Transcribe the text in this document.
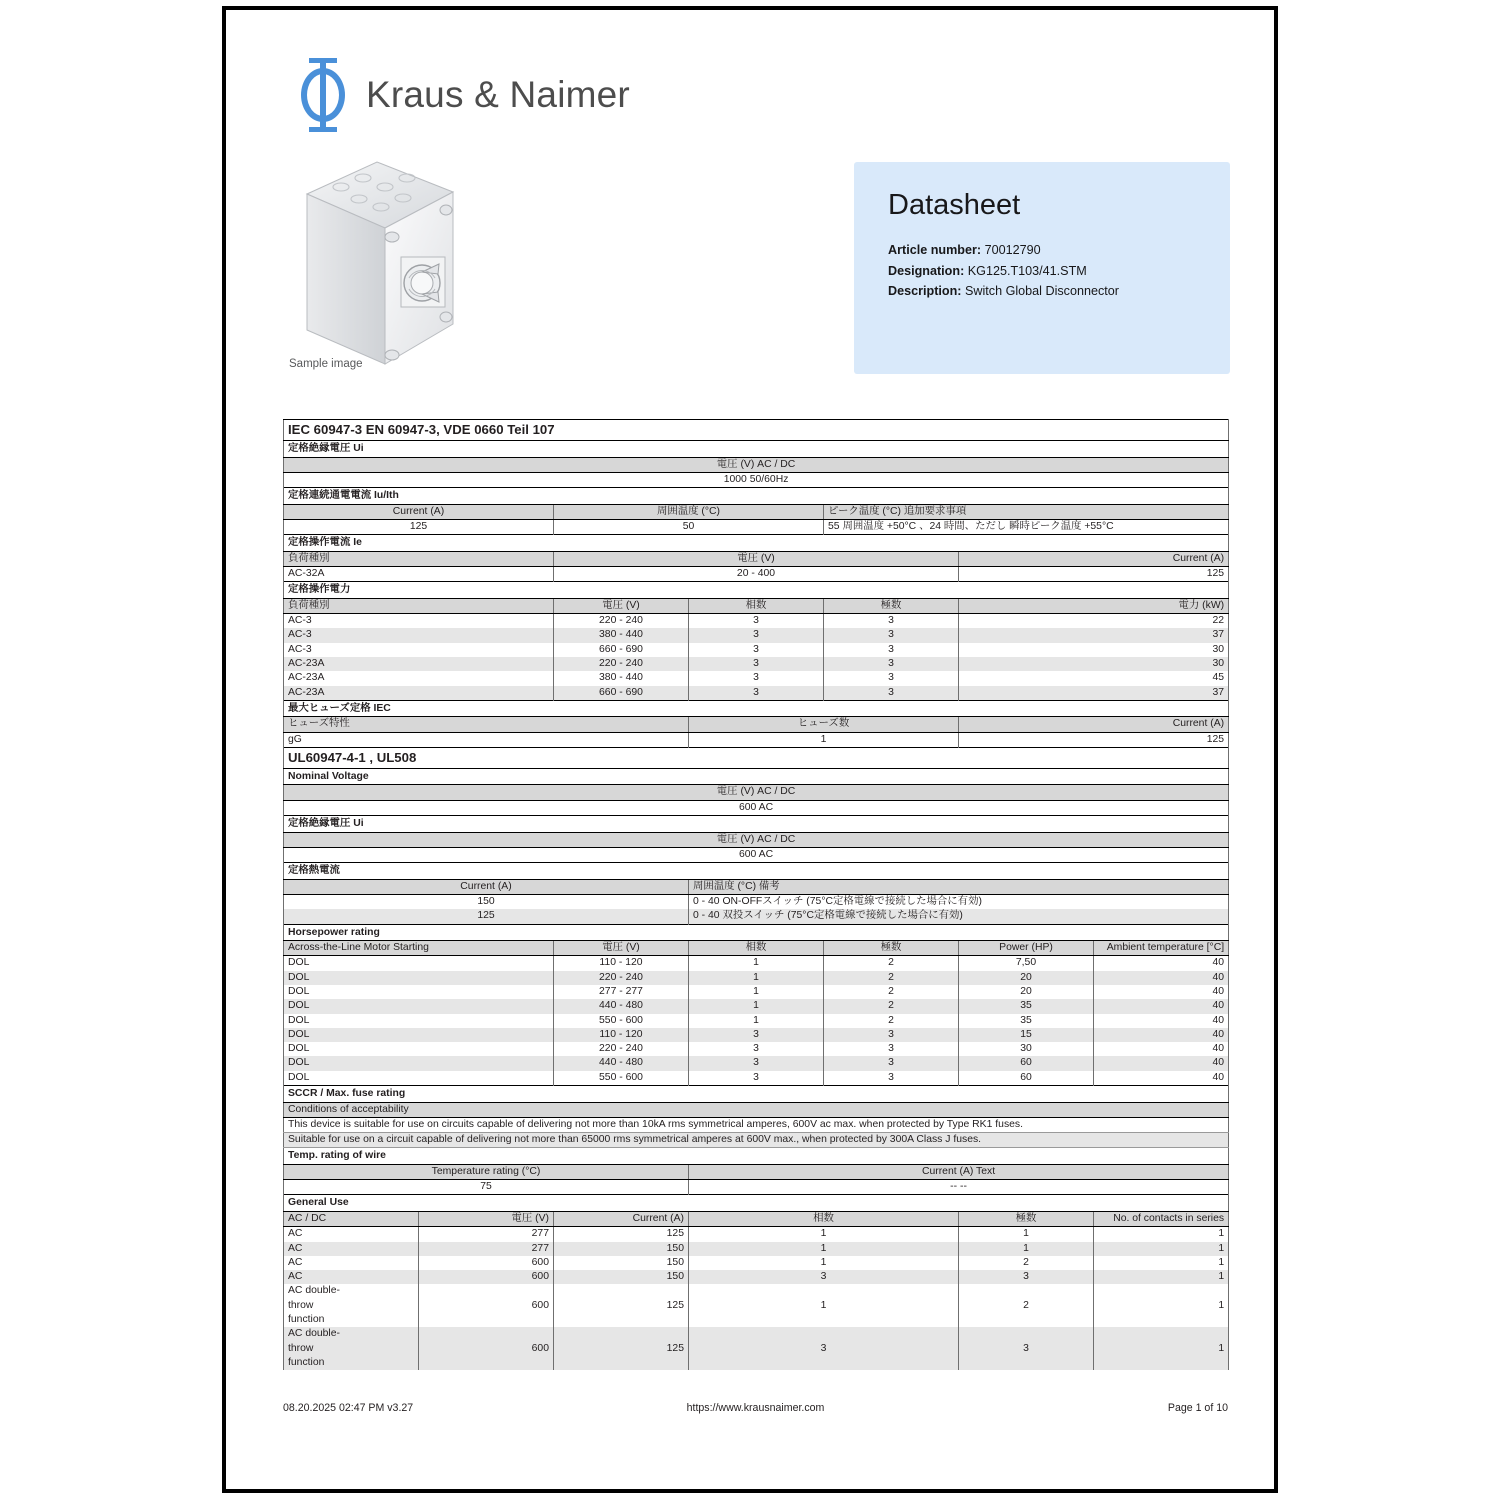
Kraus & Naimer
Sample image
Datasheet
Article number: 70012790
Designation: KG125.T103/41.STM
Description: Switch Global Disconnector
IEC 60947-3 EN 60947-3, VDE 0660 Teil 107						
定格絶縁電圧 Ui						
電圧 (V) AC / DC						
1000 50/60Hz						
定格連続通電電流 Iu/Ith						
Current (A)		周囲温度 (°C)		ピーク温度 (°C) 追加要求事項		
125		50		55 周囲温度 +50°C 、24 時間、ただし 瞬時ピーク温度 +55°C		
定格操作電流 Ie						
負荷種別		電圧 (V)			Current (A)	
AC-32A		20 - 400			125	
定格操作電力						
負荷種別		電圧 (V)	相数	極数	電力 (kW)	
AC-3		220 - 240	3	3	22	
AC-3		380 - 440	3	3	37	
AC-3		660 - 690	3	3	30	
AC-23A		220 - 240	3	3	30	
AC-23A		380 - 440	3	3	45	
AC-23A		660 - 690	3	3	37	
最大ヒューズ定格 IEC						
ヒューズ特性			ヒューズ数		Current (A)	
gG			1		125	
UL60947-4-1 , UL508						
Nominal Voltage						
電圧 (V) AC / DC						
600 AC						
定格絶縁電圧 Ui						
電圧 (V) AC / DC						
600 AC						
定格熱電流						
Current (A)			周囲温度 (°C) 備考			
150			0 - 40 ON-OFFスイッチ (75°C定格電線で接続した場合に有効)			
125			0 - 40 双投スイッチ (75°C定格電線で接続した場合に有効)			
Horsepower rating						
Across-the-Line Motor Starting		電圧 (V)	相数	極数	Power (HP)	Ambient temperature [°C]
DOL		110 - 120	1	2	7,50	40
DOL		220 - 240	1	2	20	40
DOL		277 - 277	1	2	20	40
DOL		440 - 480	1	2	35	40
DOL		550 - 600	1	2	35	40
DOL		110 - 120	3	3	15	40
DOL		220 - 240	3	3	30	40
DOL		440 - 480	3	3	60	40
DOL		550 - 600	3	3	60	40
SCCR / Max. fuse rating						
Conditions of acceptability						
This device is suitable for use on circuits capable of delivering not more than 10kA rms symmetrical amperes, 600V ac max. when protected by Type RK1 fuses.						
Suitable for use on a circuit capable of delivering not more than 65000 rms symmetrical amperes at 600V max., when protected by 300A Class J fuses.						
Temp. rating of wire						
Temperature rating (°C)			Current (A) Text			
75			-- --			
General Use						
AC / DC	電圧 (V)	Current (A)	相数		極数	No. of contacts in series
AC	277	125	1		1	1
AC	277	150	1		1	1
AC	600	150	1		2	1
AC	600	150	3		3	1

AC double-
throw
function	600	125	1		2	1

AC double-
throw
function	600	125	3		3	1
08.20.2025 02:47 PM v3.27	https://www.krausnaimer.com	Page 1 of 10
